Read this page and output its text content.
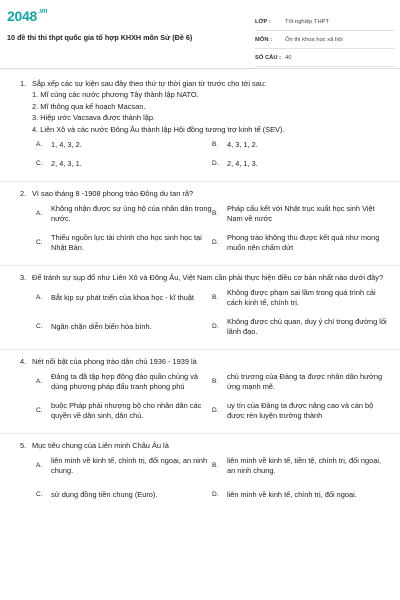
$2048^{.vn}$
10 đề thi thi thpt quốc gia tổ hợp KHXH môn Sử (Đề 6)
LỚP :	Tốt nghiệp THPT
MÔN :	Ôn thi khoa học xã hội
SỐ CÂU : 40
1. Sắp xếp các sự kiện sau đây theo thứ tự thời gian từ trước cho tới sau:
1. Mĩ cùng các nước phương Tây thành lập NATO.
2. Mĩ thông qua kế hoạch Macsan.
3. Hiệp ước Vacsava được thành lập.
4. Liên Xô và các nước Đông Âu thành lập Hội đồng tương trợ kinh tế (SEV).
A.	1, 4, 3, 2.	B.	4, 3, 1, 2.
C.	2, 4, 3, 1.	D.	2, 4, 1, 3.
2. Vì sao tháng 8 -1908 phong trào Đông du tan rã?
A.
Không nhận được sự ủng hộ của nhân dân trong nước.
B.
Pháp cấu kết với Nhật trục xuất học sinh Việt Nam về nước
C.
Thiếu nguồn lực tài chính cho học sinh học tại Nhật Bản.
D.
Phong trào không thu được kết quả như mong muốn nên chấm dứt
3. Để tránh sự sụp đổ như Liên Xô và Đông Âu, Việt Nam cần phải thực hiện điều cơ bản nhất nào dưới đây?
A.	Bắt kịp sự phát triển của khoa học - kĩ thuật	B.
Không được phạm sai lầm trong quá trình cải cách kinh tế, chính trị.
C.	Ngăn chặn diễn biến hòa bình.	D.
Không được chủ quan, duy ý chí trong đường lối lãnh đạo.
4. Nét nổi bật của phong trào dân chủ 1936 - 1939 là
A.
Đảng ta đã tập hợp đông đảo quần chúng và dùng phương pháp đấu tranh phong phú
B.
chủ trương của Đảng ta được nhân dân hưởng ứng mạnh mẽ.
C.
buộc Pháp phải nhượng bộ cho nhân dân các quyền về dân sinh, dân chủ.
D.
uy tín của Đảng ta được nâng cao và cán bộ được rèn luyện trưởng thành
5. Mục tiêu chung của Liên minh Châu Âu là
A.
liên minh về kinh tế, chính trị, đối ngoại, an ninh chung.
B.
liên minh về kinh tế, tiền tệ, chính trị, đối ngoại, an ninh chung.
C.	sử dụng đồng tiền chung (Euro).	D.	liên minh về kinh tế, chính trị, đối ngoại.
